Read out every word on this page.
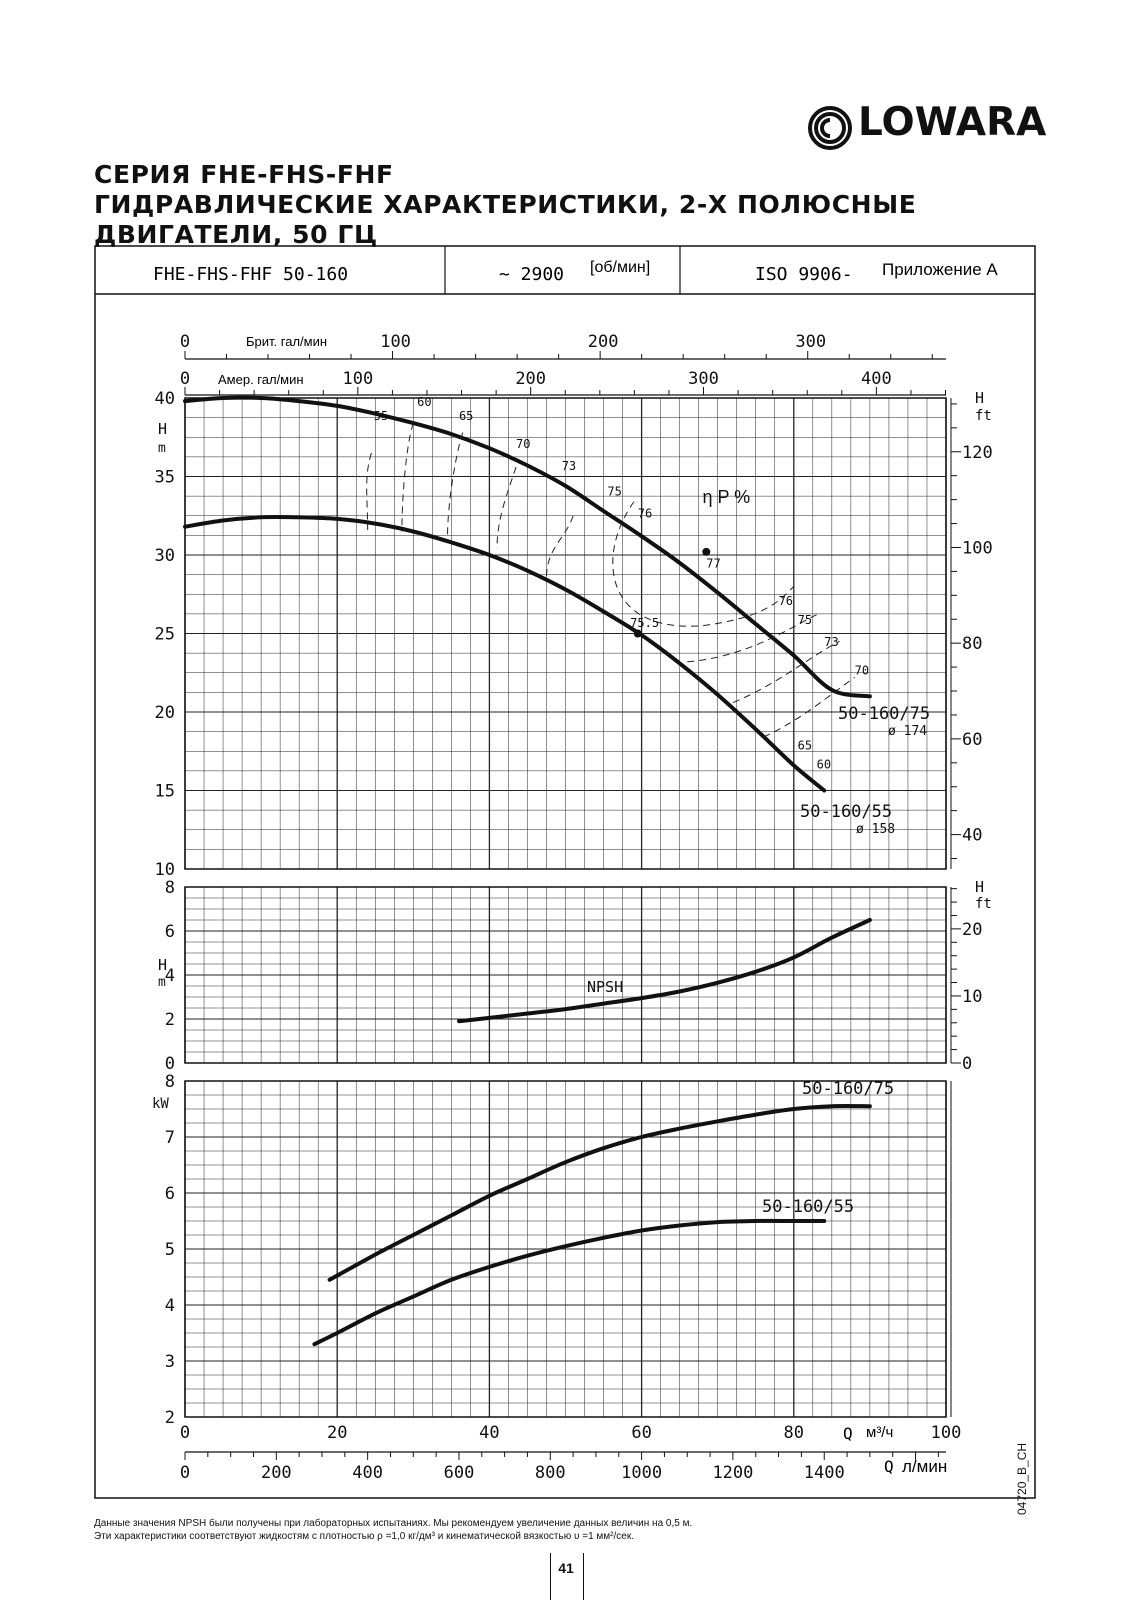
LOWARA
СЕРИЯ FHE-FHS-FHF
ГИДРАВЛИЧЕСКИЕ ХАРАКТЕРИСТИКИ, 2-Х ПОЛЮСНЫЕ
ДВИГАТЕЛИ, 50 ГЦ
FHE-FHS-FHF 50-160	~ 2900 [об/мин]	ISO 9906- Приложение А
10
15
20
25
30
35
40
0
2
4
6
8
2
3
4
5
6
7
8
H
m
H
m
kW
40
60
80
100
120
H
ft
0
10
20
H
ft
0	100	200	300
0	100	200	300	400
0	20	40	60	80	100
0	200	400	600	800	1000	1200	1400
55
60
65
70
73
75
76
77
76
75
73
70
75.5
65
60
η P %
50-160/75
ø 174
50-160/55
ø 158
NPSH
50-160/75
50-160/55
Q м³/ч
Q л/мин
Брит. гал/мин
Амер. гал/мин
Данные значения NPSH были получены при лабораторных испытаниях. Мы рекомендуем увеличение данных величин на 0,5 м.
Эти характеристики соответствуют жидкостям с плотностью ρ =1,0 кг/дм³ и кинематической вязкостью υ =1 мм²/сек.
41
04720_B_CH
